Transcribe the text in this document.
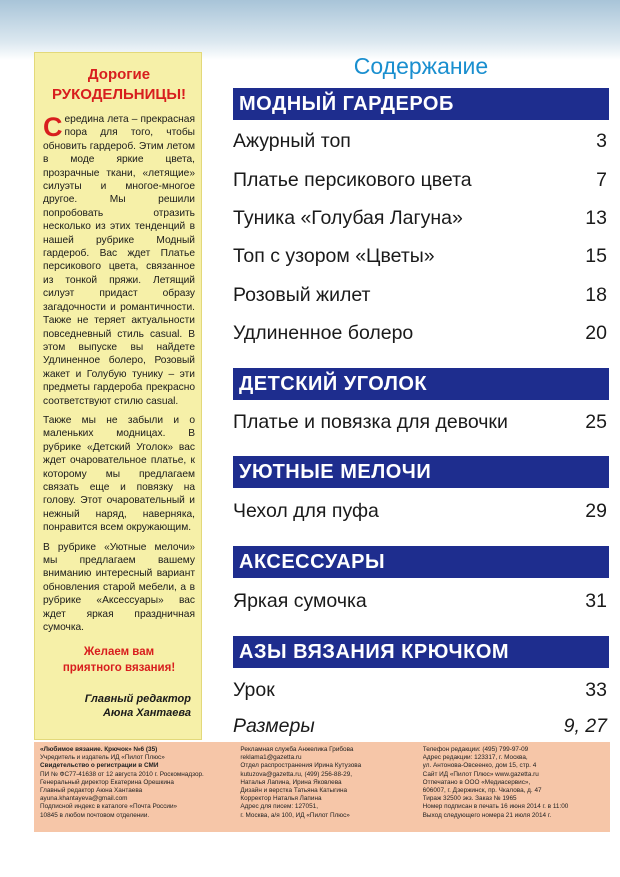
Дорогие
РУКОДЕЛЬНИЦЫ!

Середина лета – прекрасная пора для того, чтобы обновить гардероб. Этим летом в моде яркие цвета, прозрачные ткани, «летящие» силуэты и многое-многое другое. Мы решили попробовать отразить несколько из этих тенденций в нашей рубрике Модный гардероб. Вас ждет Платье персикового цвета, связанное из тонкой пряжи. Летящий силуэт придаст образу загадочности и романтичности. Также не теряет актуальности повседневный стиль casual. В этом выпуске вы найдете Удлиненное болеро, Розовый жакет и Голубую тунику – эти предметы гардероба прекрасно соответствуют стилю casual.

Также мы не забыли и о маленьких модницах. В рубрике «Детский Уголок» вас ждет очаровательное платье, к которому мы предлагаем связать еще и повязку на голову. Этот очаровательный и нежный наряд, наверняка, понравится всем окружающим.

В рубрике «Уютные мелочи» мы предлагаем вашему вниманию интересный вариант обновления старой мебели, а в рубрике «Аксессуары» вас ждет яркая праздничная сумочка.

Желаем вам
приятного вязания!
Главный редактор
Аюна Хантаева
Содержание
МОДНЫЙ ГАРДЕРОБ
Ажурный топ	3
Платье персикового цвета	7
Туника «Голубая Лагуна»	13
Топ с узором «Цветы»	15
Розовый жилет	18
Удлиненное болеро	20
ДЕТСКИЙ УГОЛОК
Платье и повязка для девочки	25
УЮТНЫЕ МЕЛОЧИ
Чехол для пуфа	29
АКСЕССУАРЫ
Яркая сумочка	31
АЗЫ ВЯЗАНИЯ КРЮЧКОМ
Урок	33
Размеры	9, 27
«Любимое вязание. Крючок» №6 (35)
Учредитель и издатель ИД «Пилот Плюс»
Свидетельство о регистрации в СМИ
ПИ № ФС77-41638 от 12 августа 2010 г. Роскомнадзор.
Генеральный директор Екатерина Орешкина
Главный редактор Аюна Хантаева
ayuna.khantayeva@gmail.com
Подписной индекс в каталоге «Почта России»
10845 в любом почтовом отделении.
Рекламная служба Анжелика Грибова
reklama1@gazetta.ru
Отдел распространения Ирина Кутузова
kutuzova@gazetta.ru, (499) 256-88-29,
Наталья Лапина, Ирина Яковлева
Дизайн и верстка Татьяна Катыгина
Корректор Наталья Лапина
Адрес для писем: 127051,
г. Москва, а/я 100, ИД «Пилот Плюс»
Телефон редакции: (495) 799-97-09
Адрес редакции: 123317, г. Москва,
ул. Антонова-Овсеенко, дом 15, стр. 4
Сайт ИД «Пилот Плюс» www.gazetta.ru
Отпечатано в ООО «Медиасервис»,
606007, г. Дзержинск, пр. Чкалова, д. 47
Тираж 32500 экз. Заказ № 1965
Номер подписан в печать 16 июня 2014 г. в 11:00
Выход следующего номера 21 июля 2014 г.
